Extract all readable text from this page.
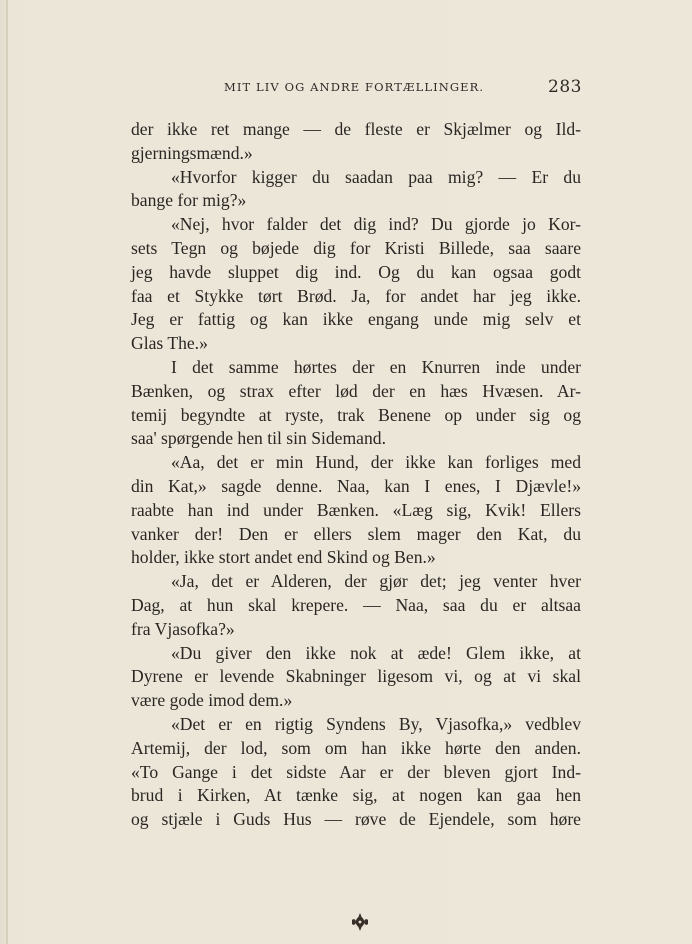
MIT LIV OG ANDRE FORTÆLLINGER.	283
der ikke ret mange — de fleste er Skjælmer og Ild-
gjerningsmænd.»
«Hvorfor kigger du saadan paa mig? — Er du
bange for mig?»
«Nej, hvor falder det dig ind? Du gjorde jo Kor-
sets Tegn og bøjede dig for Kristi Billede, saa saare
jeg havde sluppet dig ind. Og du kan ogsaa godt
faa et Stykke tørt Brød. Ja, for andet har jeg ikke.
Jeg er fattig og kan ikke engang unde mig selv et
Glas The.»
I det samme hørtes der en Knurren inde under
Bænken, og strax efter lød der en hæs Hvæsen. Ar-
temij begyndte at ryste, trak Benene op under sig og
saa' spørgende hen til sin Sidemand.
«Aa, det er min Hund, der ikke kan forliges med
din Kat,» sagde denne. Naa, kan I enes, I Djævle!»
raabte han ind under Bænken. «Læg sig, Kvik! Ellers
vanker der! Den er ellers slem mager den Kat, du
holder, ikke stort andet end Skind og Ben.»
«Ja, det er Alderen, der gjør det; jeg venter hver
Dag, at hun skal krepere. — Naa, saa du er altsaa
fra Vjasofka?»
«Du giver den ikke nok at æde! Glem ikke, at
Dyrene er levende Skabninger ligesom vi, og at vi skal
være gode imod dem.»
«Det er en rigtig Syndens By, Vjasofka,» vedblev
Artemij, der lod, som om han ikke hørte den anden.
«To Gange i det sidste Aar er der bleven gjort Ind-
brud i Kirken, At tænke sig, at nogen kan gaa hen
og stjæle i Guds Hus — røve de Ejendele, som høre
